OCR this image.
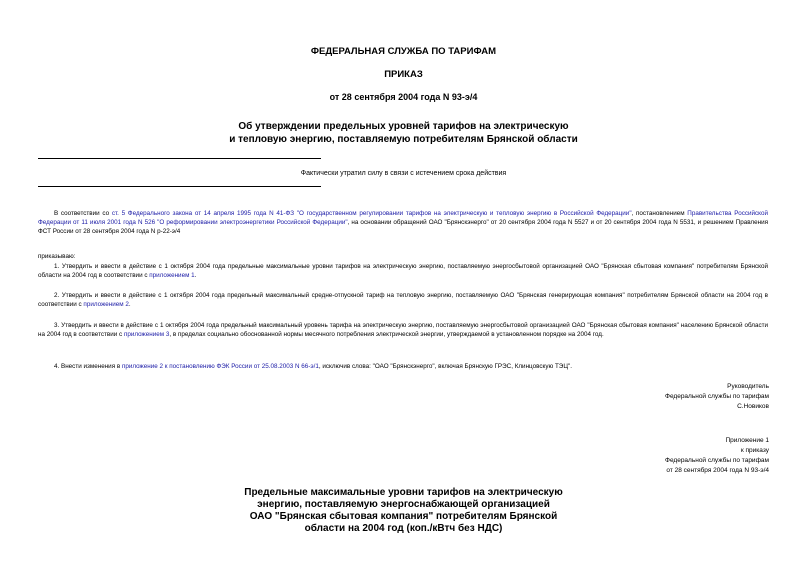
ФЕДЕРАЛЬНАЯ СЛУЖБА ПО ТАРИФАМ
ПРИКАЗ
от 28 сентября 2004 года N 93-э/4
Об утверждении предельных уровней тарифов на электрическую
и тепловую энергию, поставляемую потребителям Брянской области
Фактически утратил силу в связи с истечением срока действия
В соответствии со ст. 5 Федерального закона от 14 апреля 1995 года N 41-ФЗ "О государственном регулировании тарифов на электрическую и тепловую энергию в Российской Федерации", постановлением Правительства Российской Федерации от 11 июля 2001 года N 526 "О реформировании электроэнергетики Российской Федерации", на основании обращений ОАО "Брянскэнерго" от 20 сентября 2004 года N 5527 и от 20 сентября 2004 года N 5531, и решением Правления ФСТ России от 28 сентября 2004 года N р-22-э/4
приказываю:
1. Утвердить и ввести в действие с 1 октября 2004 года предельные максимальные уровни тарифов на электрическую энергию, поставляемую энергосбытовой организацией ОАО "Брянская сбытовая компания" потребителям Брянской области на 2004 год в соответствии с приложением 1.
2. Утвердить и ввести в действие с 1 октября 2004 года предельный максимальный средне-отпускной тариф на тепловую энергию, поставляемую ОАО "Брянская генерирующая компания" потребителям Брянской области на 2004 год в соответствии с приложением 2.
3. Утвердить и ввести в действие с 1 октября 2004 года предельный максимальный уровень тарифа на электрическую энергию, поставляемую энергосбытовой организацией ОАО "Брянская сбытовая компания" населению Брянской области на 2004 год в соответствии с приложением 3, в пределах социально обоснованной нормы месячного потребления электрической энергии, утверждаемой в установленном порядке на 2004 год.
4. Внести изменения в приложение 2 к постановлению ФЭК России от 25.08.2003 N 66-э/1, исключив слова: "ОАО "Брянскэнерго", включая Брянскую ГРЭС, Клинцовскую ТЭЦ".
Руководитель
Федеральной службы по тарифам
С.Новиков
Приложение 1
к приказу
Федеральной службы по тарифам
от 28 сентября 2004 года N 93-э/4
Предельные максимальные уровни тарифов на электрическую
энергию, поставляемую энергоснабжающей организацией
ОАО "Брянская сбытовая компания" потребителям Брянской
области на 2004 год (коп./кВтч без НДС)
